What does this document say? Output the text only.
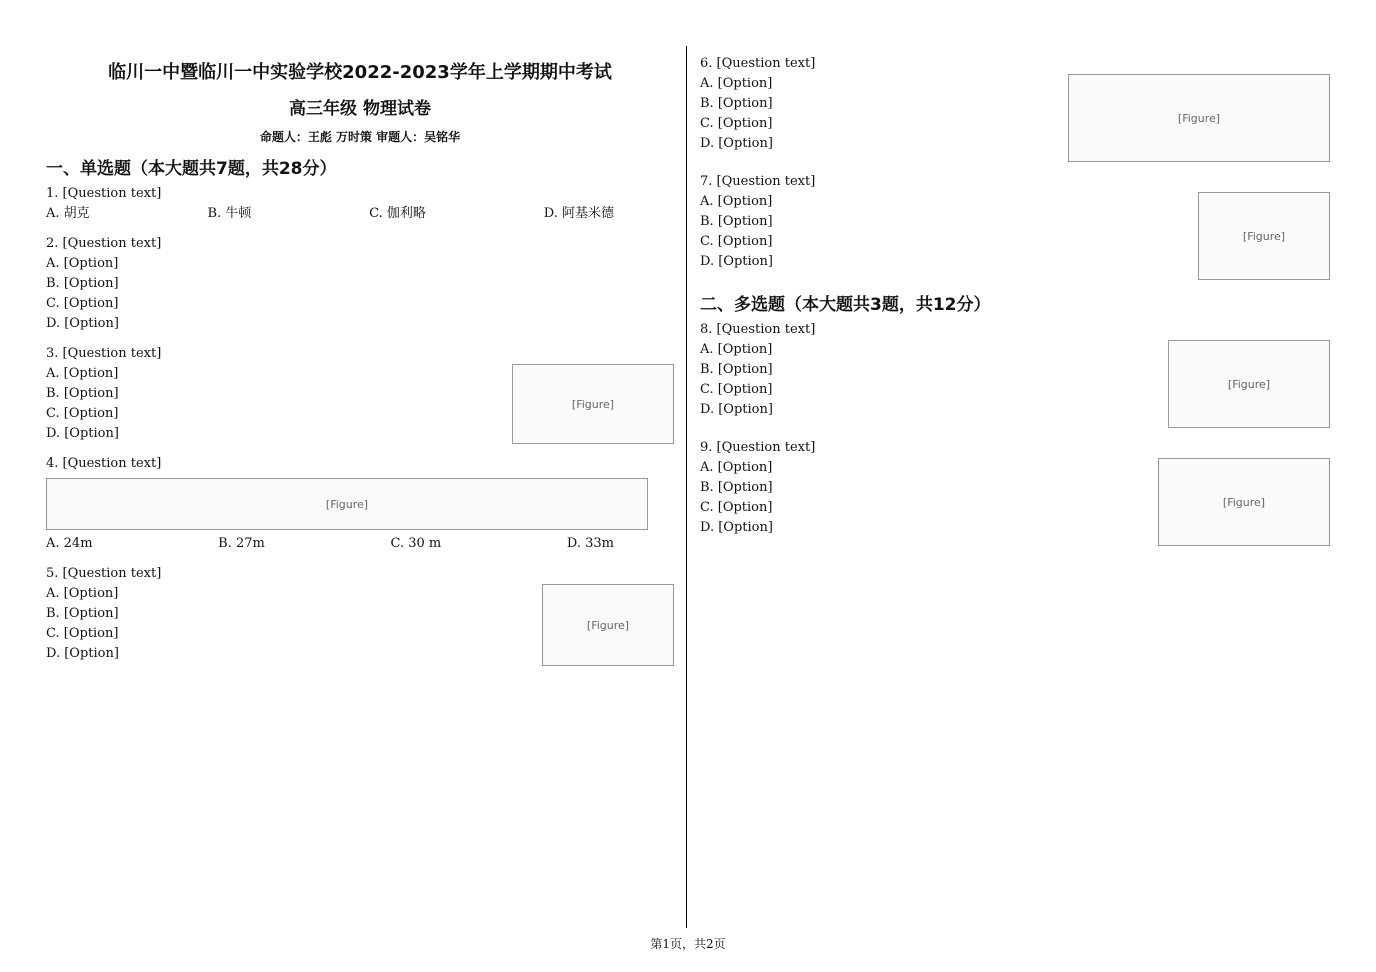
临川一中暨临川一中实验学校2022-2023学年上学期期中考试
高三年级 物理试卷
命题人：王彪 万时策 审题人：吴铭华
一、单选题（本大题共7题，共28分）
1. [Question text]
A. 胡克	B. 牛顿	C. 伽利略	D. 阿基米德
2. [Question text]
A. [Option]
B. [Option]
C. [Option]
D. [Option]
3. [Question text]
A. [Option]
B. [Option]
C. [Option]
D. [Option]
[Figure]
4. [Question text]
[Figure]
A. 24m	B. 27m	C. 30 m	D. 33m
5. [Question text]
A. [Option]
B. [Option]
C. [Option]
D. [Option]
[Figure]
6. [Question text]
A. [Option]
B. [Option]
C. [Option]
D. [Option]
[Figure]
7. [Question text]
A. [Option]
B. [Option]
C. [Option]
D. [Option]
[Figure]
二、多选题（本大题共3题，共12分）
8. [Question text]
A. [Option]
B. [Option]
C. [Option]
D. [Option]
[Figure]
9. [Question text]
A. [Option]
B. [Option]
C. [Option]
D. [Option]
[Figure]
第1页，共2页
